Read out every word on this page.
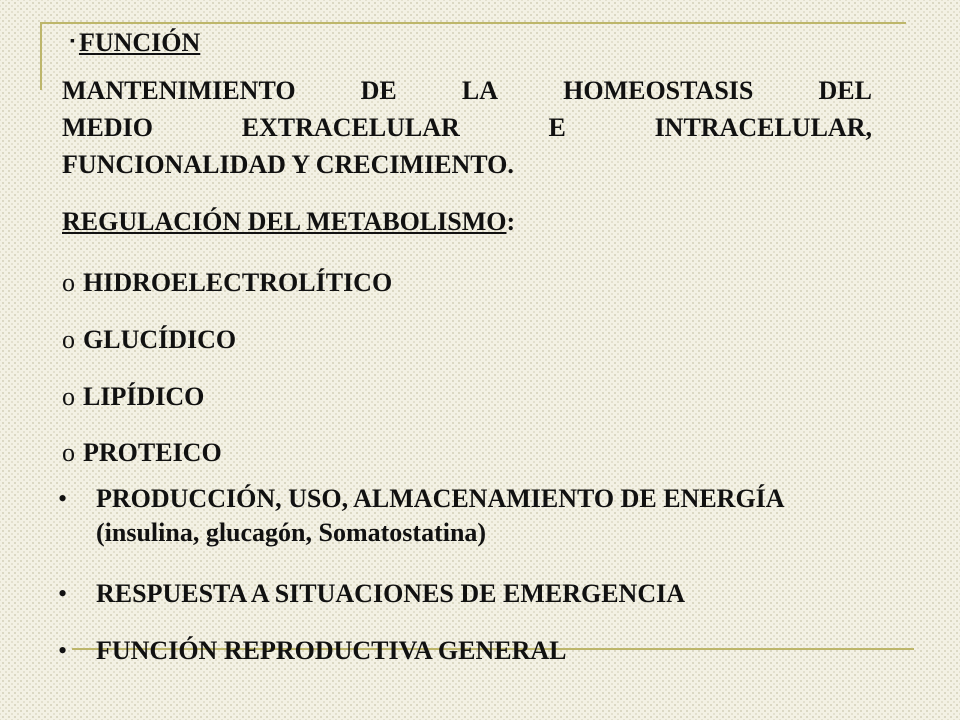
▪ FUNCIÓN
MANTENIMIENTO	DE	LA	HOMEOSTASIS	DEL
MEDIO	EXTRACELULAR	E	INTRACELULAR,
FUNCIONALIDAD Y CRECIMIENTO.
REGULACIÓN DEL METABOLISMO:
o HIDROELECTROLÍTICO
o GLUCÍDICO
o LIPÍDICO
o PROTEICO
•	PRODUCCIÓN, USO, ALMACENAMIENTO DE ENERGÍA (insulina, glucagón, Somatostatina)
•	RESPUESTA A SITUACIONES DE EMERGENCIA
•	FUNCIÓN REPRODUCTIVA GENERAL
